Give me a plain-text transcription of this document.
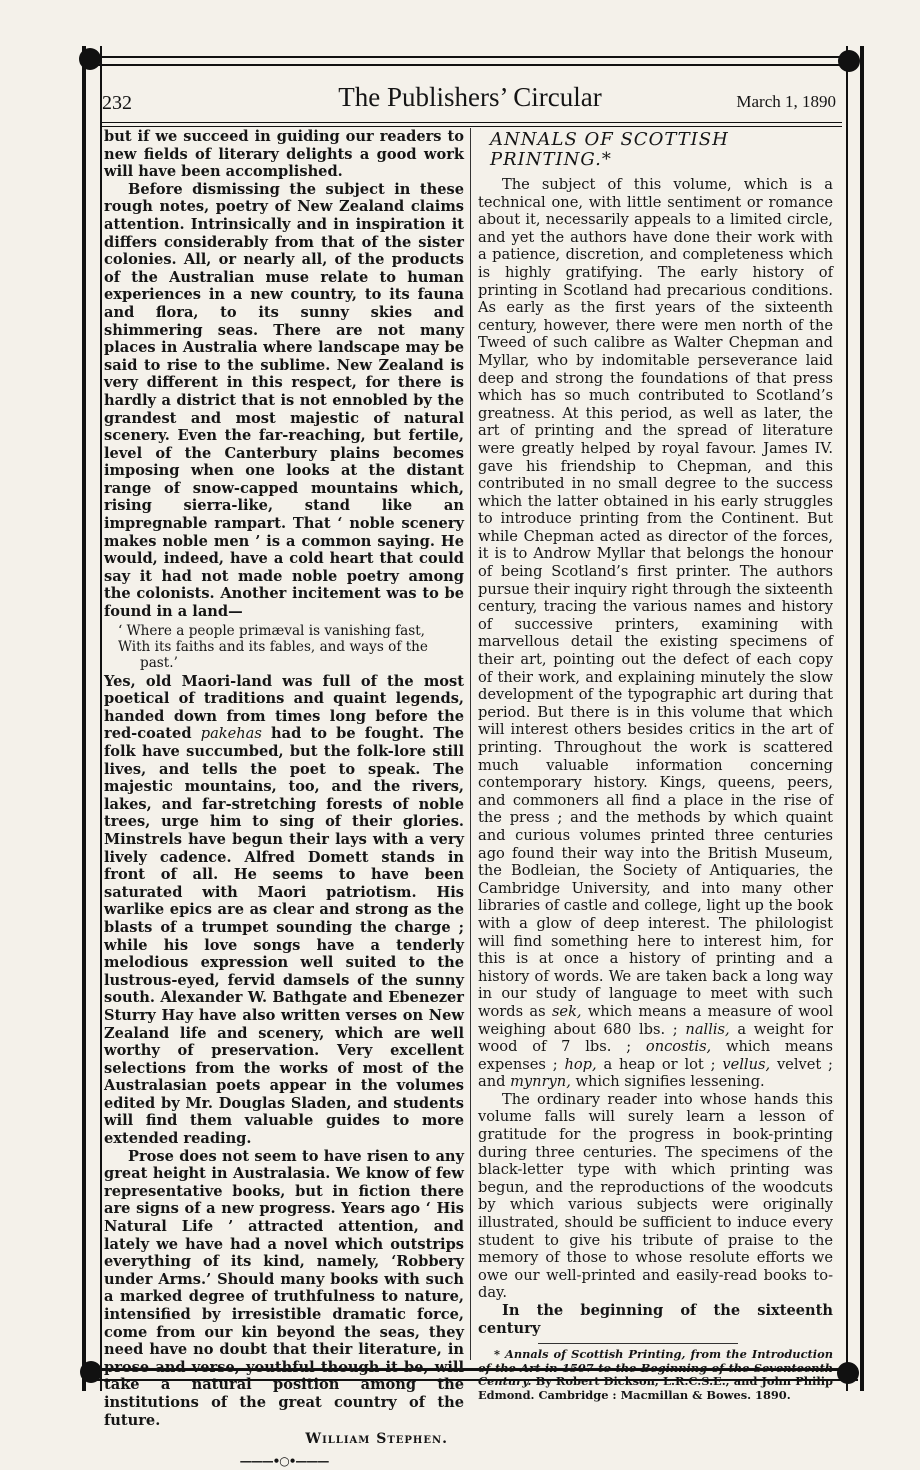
232	The Publishers’ Circular	March 1, 1890

but if we succeed in guiding our readers to new fields of literary delights a good work will have been accomplished.

Before dismissing the subject in these rough notes, poetry of New Zealand claims attention. Intrinsically and in inspiration it differs considerably from that of the sister colonies. All, or nearly all, of the products of the Australian muse relate to human experiences in a new country, to its fauna and flora, to its sunny skies and shimmering seas. There are not many places in Australia where landscape may be said to rise to the sublime. New Zealand is very different in this respect, for there is hardly a district that is not ennobled by the grandest and most majestic of natural scenery. Even the far-reaching, but fertile, level of the Canterbury plains becomes imposing when one looks at the distant range of snow-capped mountains which, rising sierra-like, stand like an impregnable rampart. That ‘ noble scenery makes noble men ’ is a common saying. He would, indeed, have a cold heart that could say it had not made noble poetry among the colonists. Another incitement was to be found in a land—

‘ Where a people primæval is vanishing fast,
With its faiths and its fables, and ways of the
past.’

Yes, old Maori-land was full of the most poetical of traditions and quaint legends, handed down from times long before the red-coated pakehas had to be fought. The folk have succumbed, but the folk-lore still lives, and tells the poet to speak. The majestic mountains, too, and the rivers, lakes, and far-stretching forests of noble trees, urge him to sing of their glories. Minstrels have begun their lays with a very lively cadence. Alfred Domett stands in front of all. He seems to have been saturated with Maori patriotism. His warlike epics are as clear and strong as the blasts of a trumpet sounding the charge ; while his love songs have a tenderly melodious expression well suited to the lustrous-eyed, fervid damsels of the sunny south. Alexander W. Bathgate and Ebenezer Sturry Hay have also written verses on New Zealand life and scenery, which are well worthy of preservation. Very excellent selections from the works of most of the Australasian poets appear in the volumes edited by Mr. Douglas Sladen, and students will find them valuable guides to more extended reading.

Prose does not seem to have risen to any great height in Australasia. We know of few representative books, but in fiction there are signs of a new progress. Years ago ‘ His Natural Life ’ attracted attention, and lately we have had a novel which outstrips everything of its kind, namely, ‘Robbery under Arms.’ Should many books with such a marked degree of truthfulness to nature, intensified by irresistible dramatic force, come from our kin beyond the seas, they need have no doubt that their literature, in prose and verse, youthful though it be, will take a natural position among the institutions of the great country of the future.

William Stephen.
———•○•———
ANNALS OF SCOTTISH PRINTING.*

The subject of this volume, which is a technical one, with little sentiment or romance about it, necessarily appeals to a limited circle, and yet the authors have done their work with a patience, discretion, and completeness which is highly gratifying. The early history of printing in Scotland had precarious conditions. As early as the first years of the sixteenth century, however, there were men north of the Tweed of such calibre as Walter Chepman and Myllar, who by indomitable perseverance laid deep and strong the foundations of that press which has so much contributed to Scotland’s greatness. At this period, as well as later, the art of printing and the spread of literature were greatly helped by royal favour. James IV. gave his friendship to Chepman, and this contributed in no small degree to the success which the latter obtained in his early struggles to introduce printing from the Continent. But while Chepman acted as director of the forces, it is to Androw Myllar that belongs the honour of being Scotland’s first printer. The authors pursue their inquiry right through the sixteenth century, tracing the various names and history of successive printers, examining with marvellous detail the existing specimens of their art, pointing out the defect of each copy of their work, and explaining minutely the slow development of the typographic art during that period. But there is in this volume that which will interest others besides critics in the art of printing. Throughout the work is scattered much valuable information concerning contemporary history. Kings, queens, peers, and commoners all find a place in the rise of the press ; and the methods by which quaint and curious volumes printed three centuries ago found their way into the British Museum, the Bodleian, the Society of Antiquaries, the Cambridge University, and into many other libraries of castle and college, light up the book with a glow of deep interest. The philologist will find something here to interest him, for this is at once a history of printing and a history of words. We are taken back a long way in our study of language to meet with such words as sek, which means a measure of wool weighing about 680 lbs. ; nallis, a weight for wood of 7 lbs. ; oncostis, which means expenses ; hop, a heap or lot ; vellus, velvet ; and mynryn, which signifies lessening.

The ordinary reader into whose hands this volume falls will surely learn a lesson of gratitude for the progress in book-printing during three centuries. The specimens of the black-letter type with which printing was begun, and the reproductions of the woodcuts by which various subjects were originally illustrated, should be sufficient to induce every student to give his tribute of praise to the memory of those to whose resolute efforts we owe our well-printed and easily-read books to-day.

In the beginning of the sixteenth century

* Annals of Scottish Printing, from the Introduction of the Art in 1507 to the Beginning of the Seventeenth Century. By Robert Dickson, L.R.C.S.E., and John Philip Edmond. Cambridge : Macmillan & Bowes. 1890.
